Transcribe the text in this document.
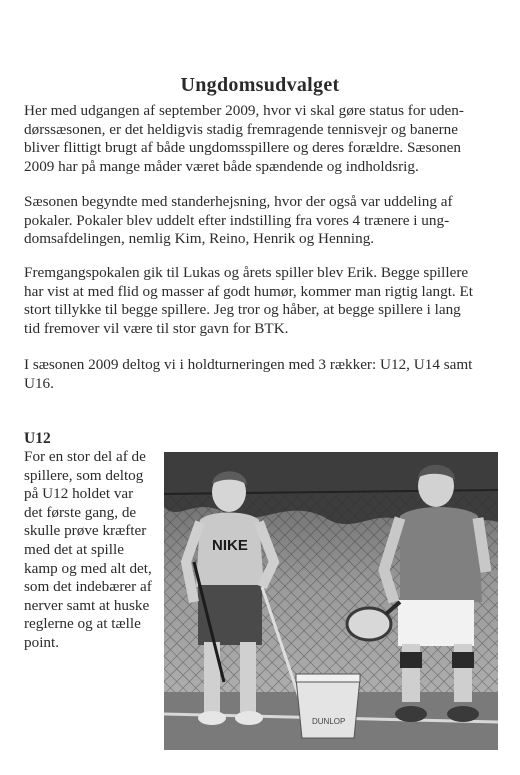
Ungdomsudvalget
Her med udgangen af september 2009, hvor vi skal gøre status for uden-
dørssæsonen, er det heldigvis stadig fremragende tennisvejr og banerne
bliver flittigt brugt af både ungdomsspillere og deres forældre. Sæsonen
2009 har på mange måder været både spændende og indholdsrig.
Sæsonen begyndte med standerhejsning, hvor der også var uddeling af
pokaler. Pokaler blev uddelt efter indstilling fra vores 4 trænere i ung-
domsafdelingen, nemlig Kim, Reino, Henrik og Henning.
Fremgangspokalen gik til Lukas og årets spiller blev Erik. Begge spillere
har vist at med flid og masser af godt humør, kommer man rigtig langt. Et
stort tillykke til begge spillere. Jeg tror og håber, at begge spillere i lang
tid fremover vil være til stor gavn for BTK.
I sæsonen 2009 deltog vi i holdturneringen med 3 rækker: U12, U14 samt
U16.
U12
For en stor del af de
spillere, som deltog
på U12 holdet var
det første gang, de
skulle prøve kræfter
med det at spille
kamp og med alt det,
som det indebærer af
nerver samt at huske
reglerne og at tælle
point.
NIKE
DUNLOP
